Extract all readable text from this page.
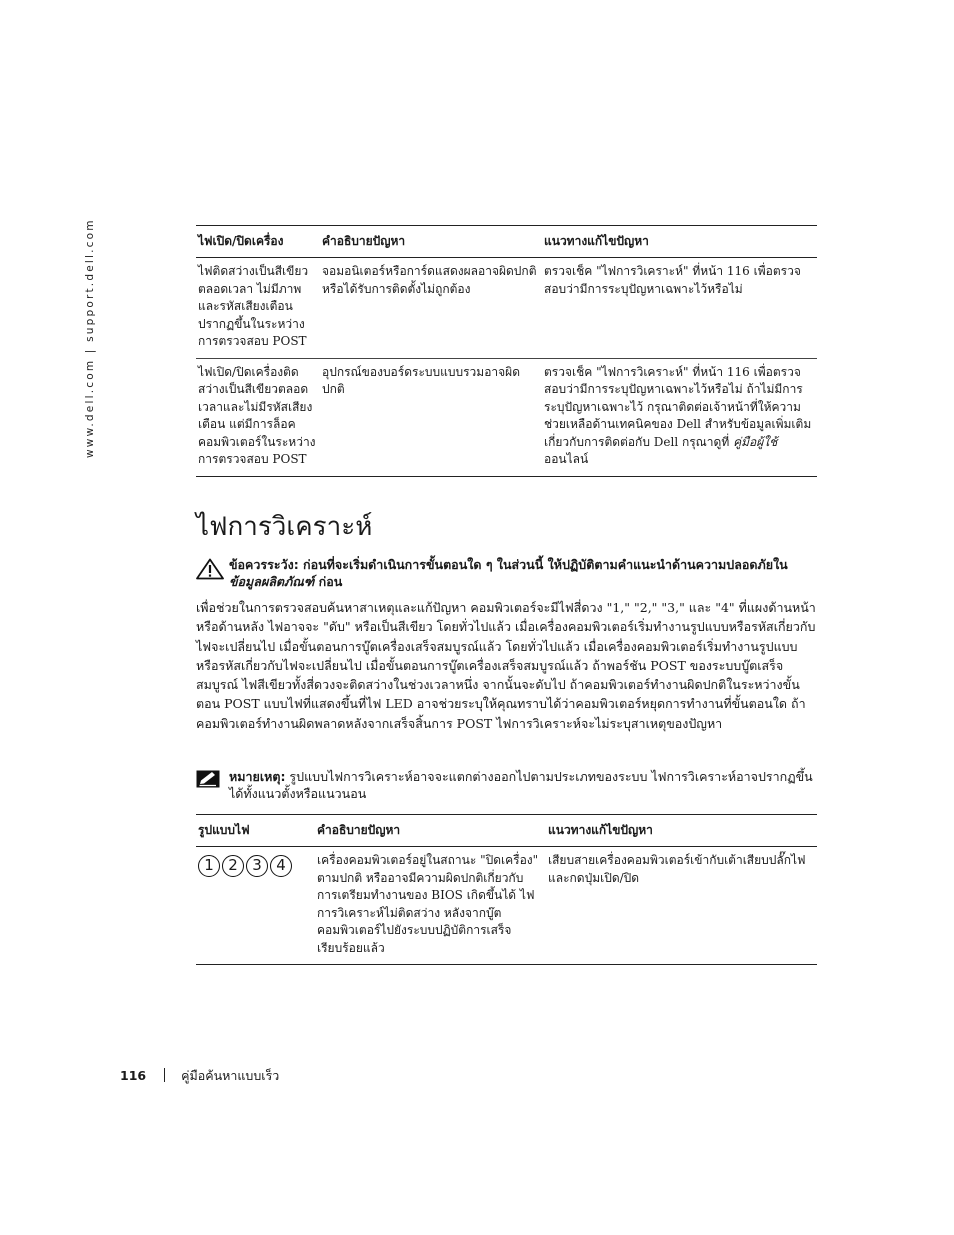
www.dell.com | support.dell.com	ไฟเปิด/ปิดเครื่อง	คำอธิบายปัญหา	แนวทางแก้ไขปัญหา
ไฟติดสว่างเป็นสีเขียวตลอดเวลา ไม่มีภาพและรหัสเสียงเตือนปรากฏขึ้นในระหว่างการตรวจสอบ POST	จอมอนิเตอร์หรือการ์ดแสดงผลอาจผิดปกติหรือได้รับการติดตั้งไม่ถูกต้อง	ตรวจเช็ค "ไฟการวิเคราะห์" ที่หน้า 116 เพื่อตรวจสอบว่ามีการระบุปัญหาเฉพาะไว้หรือไม่
ไฟเปิด/ปิดเครื่องติดสว่างเป็นสีเขียวตลอดเวลาและไม่มีรหัสเสียงเตือน แต่มีการล็อคคอมพิวเตอร์ในระหว่างการตรวจสอบ POST	อุปกรณ์ของบอร์ดระบบแบบรวมอาจผิดปกติ	ตรวจเช็ค "ไฟการวิเคราะห์" ที่หน้า 116 เพื่อตรวจสอบว่ามีการระบุปัญหาเฉพาะไว้หรือไม่ ถ้าไม่มีการระบุปัญหาเฉพาะไว้ กรุณาติดต่อเจ้าหน้าที่ให้ความช่วยเหลือด้านเทคนิคของ Dell สำหรับข้อมูลเพิ่มเติมเกี่ยวกับการติดต่อกับ Dell กรุณาดูที่ คู่มือผู้ใช้ ออนไลน์
ไฟการวิเคราะห์
ข้อควรระวัง: ก่อนที่จะเริ่มดำเนินการขั้นตอนใด ๆ ในส่วนนี้ ให้ปฏิบัติตามคำแนะนำด้านความปลอดภัยใน ข้อมูลผลิตภัณฑ์ ก่อน

เพื่อช่วยในการตรวจสอบค้นหาสาเหตุและแก้ปัญหา คอมพิวเตอร์จะมีไฟสี่ดวง "1," "2," "3," และ "4" ที่แผงด้านหน้าหรือด้านหลัง ไฟอาจจะ "ดับ" หรือเป็นสีเขียว โดยทั่วไปแล้ว เมื่อเครื่องคอมพิวเตอร์เริ่มทำงานรูปแบบหรือรหัสเกี่ยวกับไฟจะเปลี่ยนไป เมื่อขั้นตอนการบู๊ตเครื่องเสร็จสมบูรณ์แล้ว โดยทั่วไปแล้ว เมื่อเครื่องคอมพิวเตอร์เริ่มทำงานรูปแบบหรือรหัสเกี่ยวกับไฟจะเปลี่ยนไป เมื่อขั้นตอนการบู๊ตเครื่องเสร็จสมบูรณ์แล้ว ถ้าพอร์ชัน POST ของระบบบู๊ตเสร็จสมบูรณ์ ไฟสีเขียวทั้งสี่ดวงจะติดสว่างในช่วงเวลาหนึ่ง จากนั้นจะดับไป ถ้าคอมพิวเตอร์ทำงานผิดปกติในระหว่างขั้นตอน POST แบบไฟที่แสดงขึ้นที่ไฟ LED อาจช่วยระบุให้คุณทราบได้ว่าคอมพิวเตอร์หยุดการทำงานที่ขั้นตอนใด ถ้าคอมพิวเตอร์ทำงานผิดพลาดหลังจากเสร็จสิ้นการ POST ไฟการวิเคราะห์จะไม่ระบุสาเหตุของปัญหา

หมายเหตุ: รูปแบบไฟการวิเคราะห์อาจจะแตกต่างออกไปตามประเภทของระบบ ไฟการวิเคราะห์อาจปรากฏขึ้นได้ทั้งแนวตั้งหรือแนวนอน
รูปแบบไฟ	คำอธิบายปัญหา	แนวทางแก้ไขปัญหา

1 2 3 4	เครื่องคอมพิวเตอร์อยู่ในสถานะ "ปิดเครื่อง" ตามปกติ หรืออาจมีความผิดปกติเกี่ยวกับการเตรียมทำงานของ BIOS เกิดขึ้นได้ ไฟการวิเคราะห์ไม่ติดสว่าง หลังจากบู๊ตคอมพิวเตอร์ไปยังระบบปฏิบัติการเสร็จเรียบร้อยแล้ว	เสียบสายเครื่องคอมพิวเตอร์เข้ากับเต้าเสียบปลั๊กไฟ และกดปุ่มเปิด/ปิด
116	คู่มือค้นหาแบบเร็ว
